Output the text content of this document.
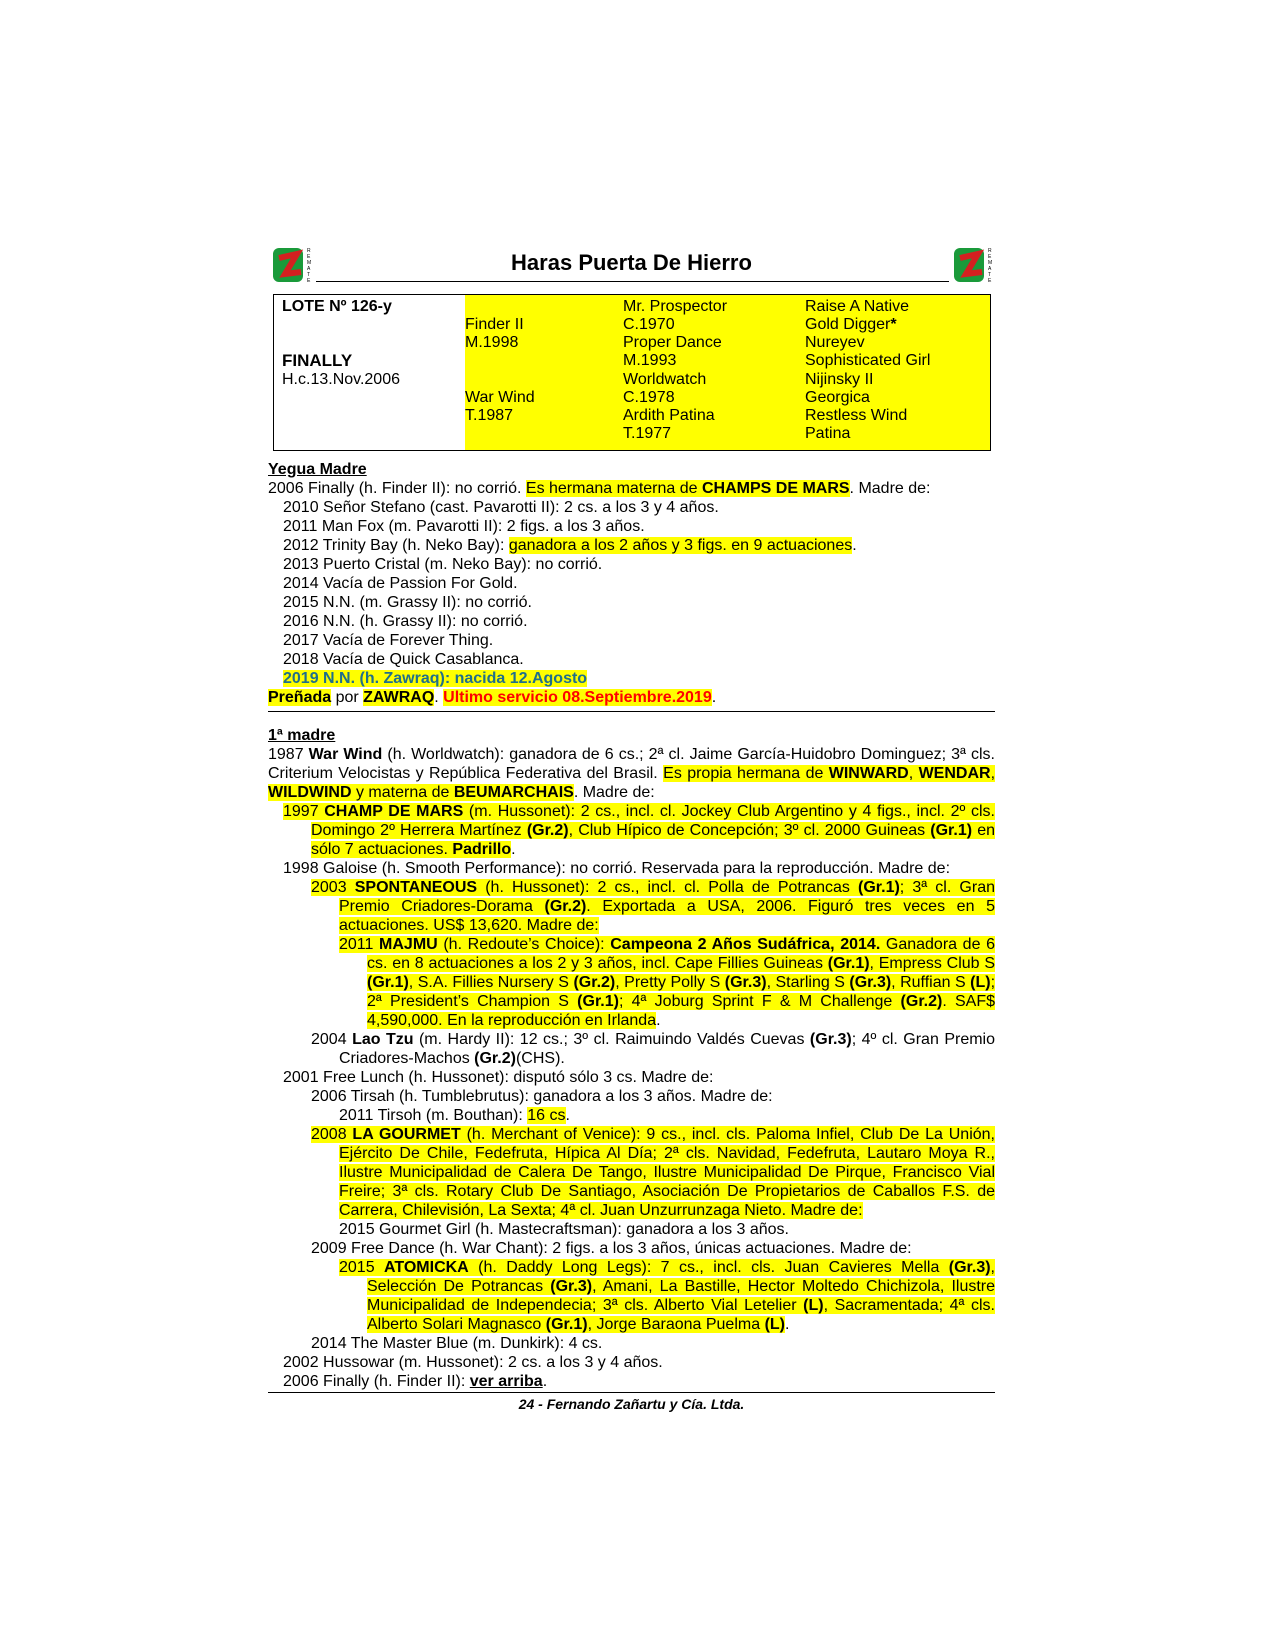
R
E
M
A
T
E
Haras Puerta De Hierro	R
E
M
A
T
E
LOTE Nº 126-y
FINALLY
H.c.13.Nov.2006
Finder II
M.1998
War Wind
T.1987
Mr. Prospector
C.1970
Proper Dance
M.1993
Worldwatch
C.1978
Ardith Patina
T.1977
Raise A Native
Gold Digger*
Nureyev
Sophisticated Girl
Nijinsky II
Georgica
Restless Wind
Patina
Yegua Madre
2006 Finally (h. Finder II): no corrió. Es hermana materna de CHAMPS DE MARS. Madre de:
2010 Señor Stefano (cast. Pavarotti II): 2 cs. a los 3 y 4 años.
2011 Man Fox (m. Pavarotti II): 2 figs. a los 3 años.
2012 Trinity Bay (h. Neko Bay): ganadora a los 2 años y 3 figs. en 9 actuaciones.
2013 Puerto Cristal (m. Neko Bay): no corrió.
2014 Vacía de Passion For Gold.
2015 N.N. (m. Grassy II): no corrió.
2016 N.N. (h. Grassy II): no corrió.
2017 Vacía de Forever Thing.
2018 Vacía de Quick Casablanca.
2019 N.N. (h. Zawraq): nacida 12.Agosto
Preñada por ZAWRAQ. Ultimo servicio 08.Septiembre.2019.
1ª madre
1987 War Wind (h. Worldwatch): ganadora de 6 cs.; 2ª cl. Jaime García-Huidobro Dominguez; 3ª cls. Criterium Velocistas y República Federativa del Brasil. Es propia hermana de WINWARD, WENDAR, WILDWIND y materna de BEUMARCHAIS. Madre de:
1997 CHAMP DE MARS (m. Hussonet): 2 cs., incl. cl. Jockey Club Argentino y 4 figs., incl. 2º cls. Domingo 2º Herrera Martínez (Gr.2), Club Hípico de Concepción; 3º cl. 2000 Guineas (Gr.1) en sólo 7 actuaciones. Padrillo.
1998 Galoise (h. Smooth Performance): no corrió. Reservada para la reproducción. Madre de:
2003 SPONTANEOUS (h. Hussonet): 2 cs., incl. cl. Polla de Potrancas (Gr.1); 3ª cl. Gran Premio Criadores-Dorama (Gr.2). Exportada a USA, 2006. Figuró tres veces en 5 actuaciones. US$ 13,620. Madre de:
2011 MAJMU (h. Redoute’s Choice): Campeona 2 Años Sudáfrica, 2014. Ganadora de 6 cs. en 8 actuaciones a los 2 y 3 años, incl. Cape Fillies Guineas (Gr.1), Empress Club S (Gr.1), S.A. Fillies Nursery S (Gr.2), Pretty Polly S (Gr.3), Starling S (Gr.3), Ruffian S (L); 2ª President’s Champion S (Gr.1); 4ª Joburg Sprint F & M Challenge (Gr.2). SAF$ 4,590,000. En la reproducción en Irlanda.
2004 Lao Tzu (m. Hardy II): 12 cs.; 3º cl. Raimuindo Valdés Cuevas (Gr.3); 4º cl. Gran Premio Criadores-Machos (Gr.2)(CHS).
2001 Free Lunch (h. Hussonet): disputó sólo 3 cs. Madre de:
2006 Tirsah (h. Tumblebrutus): ganadora a los 3 años. Madre de:
2011 Tirsoh (m. Bouthan): 16 cs.
2008 LA GOURMET (h. Merchant of Venice): 9 cs., incl. cls. Paloma Infiel, Club De La Unión, Ejército De Chile, Fedefruta, Hípica Al Día; 2ª cls. Navidad, Fedefruta, Lautaro Moya R., Ilustre Municipalidad de Calera De Tango, Ilustre Municipalidad De Pirque, Francisco Vial Freire; 3ª cls. Rotary Club De Santiago, Asociación De Propietarios de Caballos F.S. de Carrera, Chilevisión, La Sexta; 4ª cl. Juan Unzurrunzaga Nieto. Madre de:
2015 Gourmet Girl (h. Mastecraftsman): ganadora a los 3 años.
2009 Free Dance (h. War Chant): 2 figs. a los 3 años, únicas actuaciones. Madre de:
2015 ATOMICKA (h. Daddy Long Legs): 7 cs., incl. cls. Juan Cavieres Mella (Gr.3), Selección De Potrancas (Gr.3), Amani, La Bastille, Hector Moltedo Chichizola, Ilustre Municipalidad de Independecia; 3ª cls. Alberto Vial Letelier (L), Sacramentada; 4ª cls. Alberto Solari Magnasco (Gr.1), Jorge Baraona Puelma (L).
2014 The Master Blue (m. Dunkirk): 4 cs.
2002 Hussowar (m. Hussonet): 2 cs. a los 3 y 4 años.
2006 Finally (h. Finder II): ver arriba.
24 - Fernando Zañartu y Cía. Ltda.
